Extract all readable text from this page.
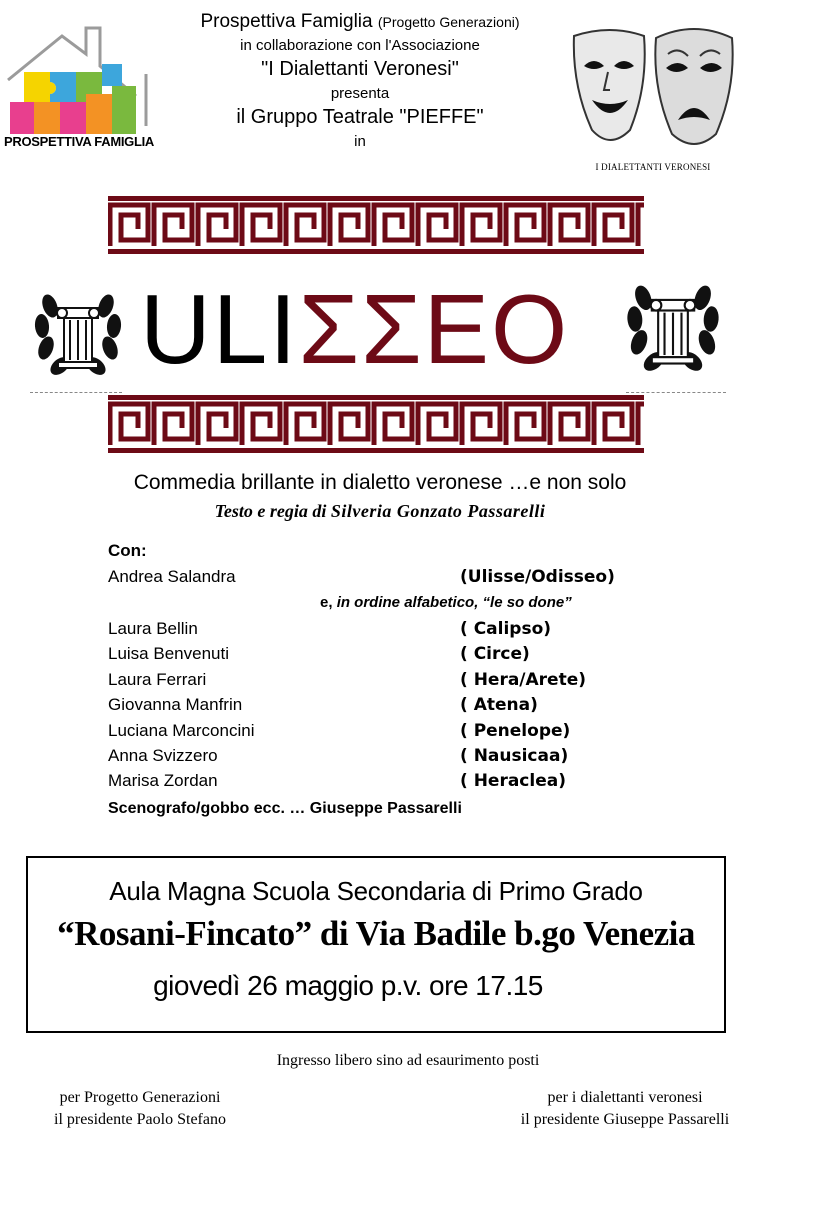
PROSPETTIVA FAMIGLIA
Prospettiva Famiglia (Progetto Generazioni)
in collaborazione con l'Associazione
"I Dialettanti Veronesi"
presenta
il Gruppo Teatrale "PIEFFE"
in
I DIALETTANTI VERONESI
ULIΣΣΕΟ
Commedia brillante in dialetto veronese …e non solo
Testo e regia di Silveria Gonzato Passarelli
Con:
Andrea Salandra	(Ulisse/Odisseo)
e, in ordine alfabetico, “le so done”
Laura Bellin	( Calipso)
Luisa Benvenuti	( Circe)
Laura Ferrari	( Hera/Arete)
Giovanna Manfrin	( Atena)
Luciana Marconcini	( Penelope)
Anna Svizzero	( Nausicaa)
Marisa Zordan	( Heraclea)
Scenografo/gobbo ecc. … Giuseppe Passarelli
Aula Magna Scuola Secondaria di Primo Grado
“Rosani-Fincato” di Via Badile b.go Venezia
giovedì 26 maggio p.v. ore 17.15
Ingresso libero sino ad esaurimento posti
per Progetto Generazioni
il presidente Paolo Stefano
per i dialettanti veronesi
il presidente Giuseppe Passarelli
